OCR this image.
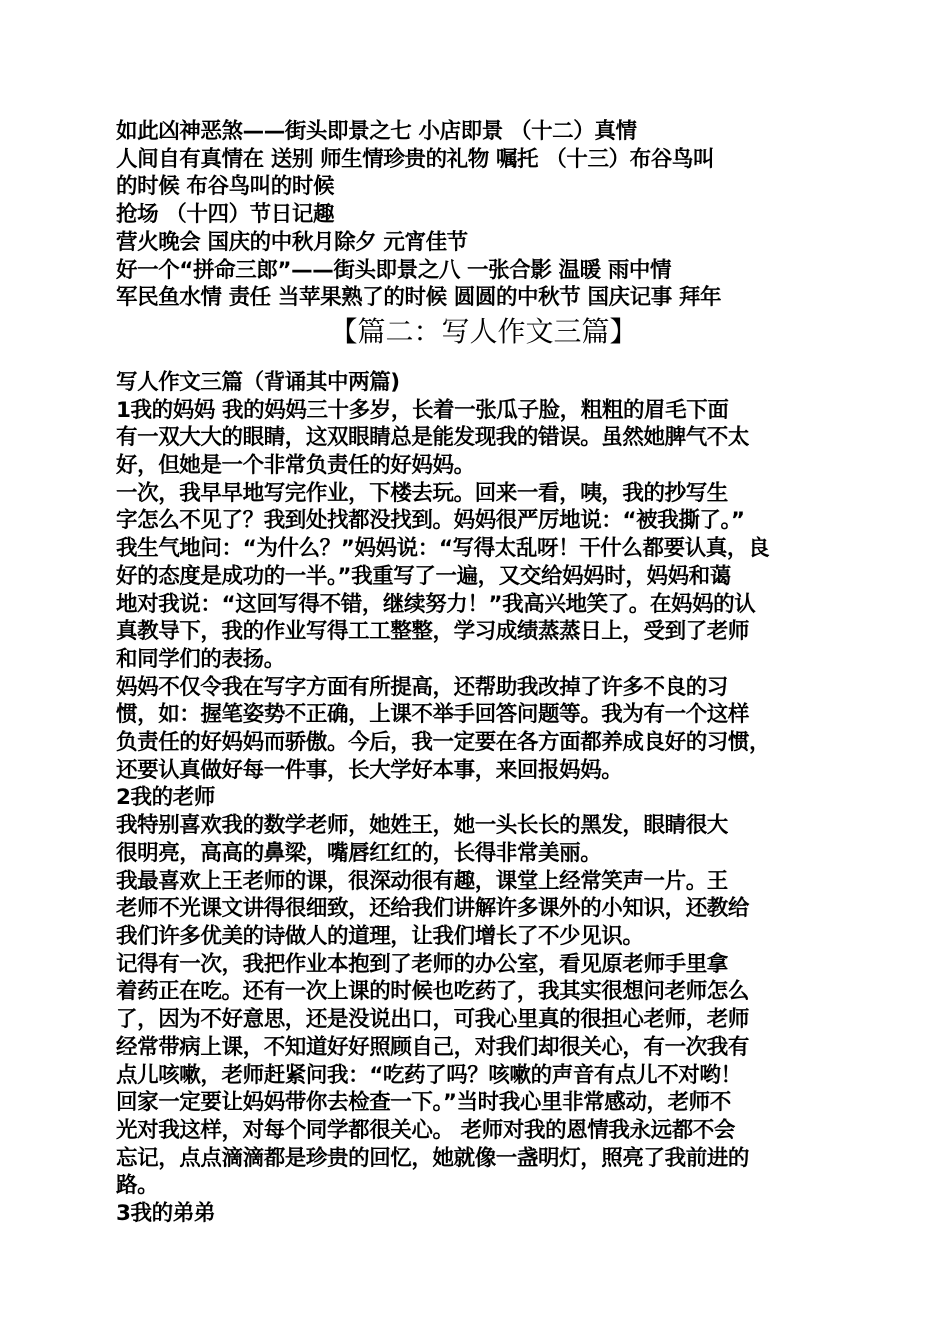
如此凶神恶煞——街头即景之七 小店即景 （十二）真情
人间自有真情在 送别 师生情珍贵的礼物 嘱托 （十三）布谷鸟叫
的时候 布谷鸟叫的时候
抢场 （十四）节日记趣
营火晚会 国庆的中秋月除夕 元宵佳节
好一个“拼命三郎”——街头即景之八 一张合影 温暖 雨中情
军民鱼水情 责任 当苹果熟了的时候 圆圆的中秋节 国庆记事 拜年
【篇二：写人作文三篇】
写人作文三篇（背诵其中两篇)
1我的妈妈 我的妈妈三十多岁，长着一张瓜子脸，粗粗的眉毛下面
有一双大大的眼睛，这双眼睛总是能发现我的错误。虽然她脾气不太
好，但她是一个非常负责任的好妈妈。
一次，我早早地写完作业，下楼去玩。回来一看，咦，我的抄写生
字怎么不见了？我到处找都没找到。妈妈很严厉地说：“被我撕了。”
我生气地问：“为什么？”妈妈说：“写得太乱呀！干什么都要认真，良
好的态度是成功的一半。”我重写了一遍，又交给妈妈时，妈妈和蔼
地对我说：“这回写得不错，继续努力！”我高兴地笑了。在妈妈的认
真教导下，我的作业写得工工整整，学习成绩蒸蒸日上，受到了老师
和同学们的表扬。
妈妈不仅令我在写字方面有所提高，还帮助我改掉了许多不良的习
惯，如：握笔姿势不正确，上课不举手回答问题等。我为有一个这样
负责任的好妈妈而骄傲。今后，我一定要在各方面都养成良好的习惯，
还要认真做好每一件事，长大学好本事，来回报妈妈。
2我的老师
我特别喜欢我的数学老师，她姓王，她一头长长的黑发，眼睛很大
很明亮，高高的鼻梁，嘴唇红红的，长得非常美丽。
我最喜欢上王老师的课，很深动很有趣，课堂上经常笑声一片。王
老师不光课文讲得很细致，还给我们讲解许多课外的小知识，还教给
我们许多优美的诗做人的道理，让我们增长了不少见识。
记得有一次，我把作业本抱到了老师的办公室，看见原老师手里拿
着药正在吃。还有一次上课的时候也吃药了，我其实很想问老师怎么
了，因为不好意思，还是没说出口，可我心里真的很担心老师，老师
经常带病上课，不知道好好照顾自己，对我们却很关心，有一次我有
点儿咳嗽，老师赶紧问我：“吃药了吗？咳嗽的声音有点儿不对哟！
回家一定要让妈妈带你去检查一下。”当时我心里非常感动，老师不
光对我这样，对每个同学都很关心。 老师对我的恩情我永远都不会
忘记，点点滴滴都是珍贵的回忆，她就像一盏明灯，照亮了我前进的
路。
3我的弟弟
